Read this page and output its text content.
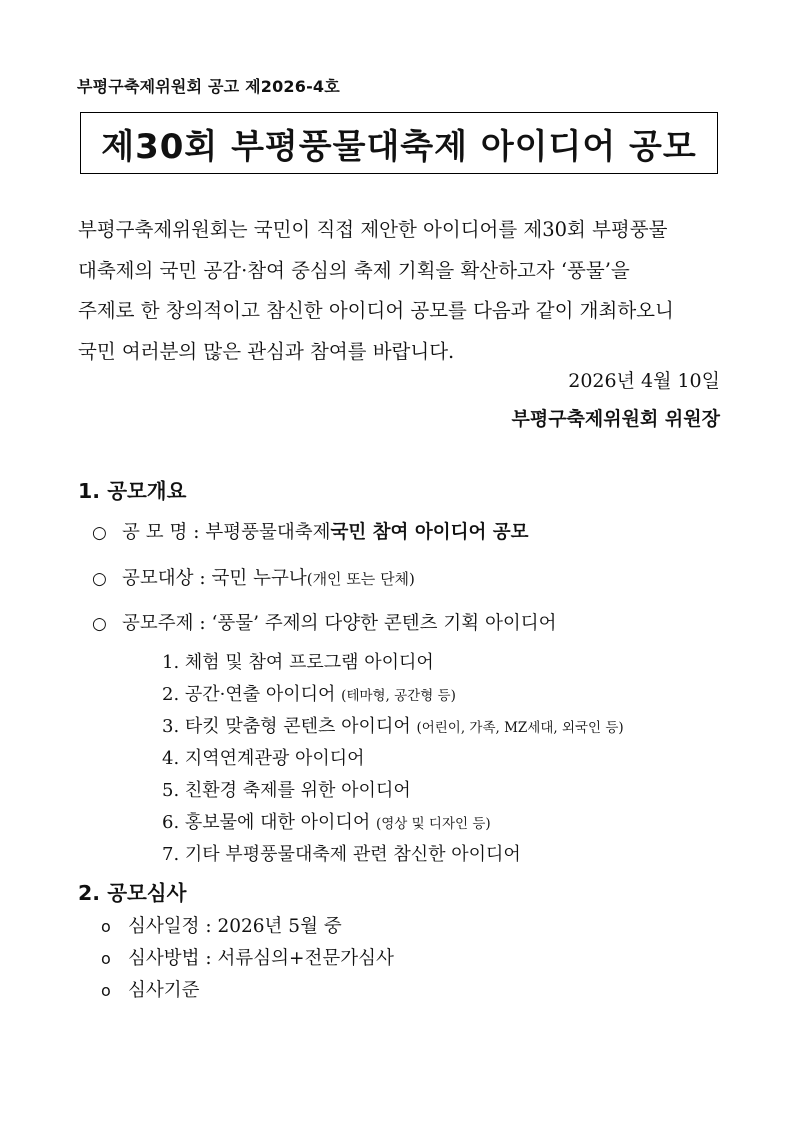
부평구축제위원회 공고 제2026-4호
제30회 부평풍물대축제 아이디어 공모
부평구축제위원회는 국민이 직접 제안한 아이디어를 제30회 부평풍물
대축제의 국민 공감·참여 중심의 축제 기획을 확산하고자 ‘풍물’을
주제로 한 창의적이고 참신한 아이디어 공모를 다음과 같이 개최하오니
국민 여러분의 많은 관심과 참여를 바랍니다.
2026년 4월 10일
부평구축제위원회 위원장
1. 공모개요
○ 공 모 명 : 부평풍물대축제국민 참여 아이디어 공모
○ 공모대상 : 국민 누구나(개인 또는 단체)
○ 공모주제 : ‘풍물’ 주제의 다양한 콘텐츠 기획 아이디어
1. 체험 및 참여 프로그램 아이디어
2. 공간·연출 아이디어 (테마형, 공간형 등)
3. 타킷 맞춤형 콘텐츠 아이디어 (어린이, 가족, MZ세대, 외국인 등)
4. 지역연계관광 아이디어
5. 친환경 축제를 위한 아이디어
6. 홍보물에 대한 아이디어 (영상 및 디자인 등)
7. 기타 부평풍물대축제 관련 참신한 아이디어
2. 공모심사
o 심사일정 : 2026년 5월 중
o 심사방법 : 서류심의+전문가심사
o 심사기준
